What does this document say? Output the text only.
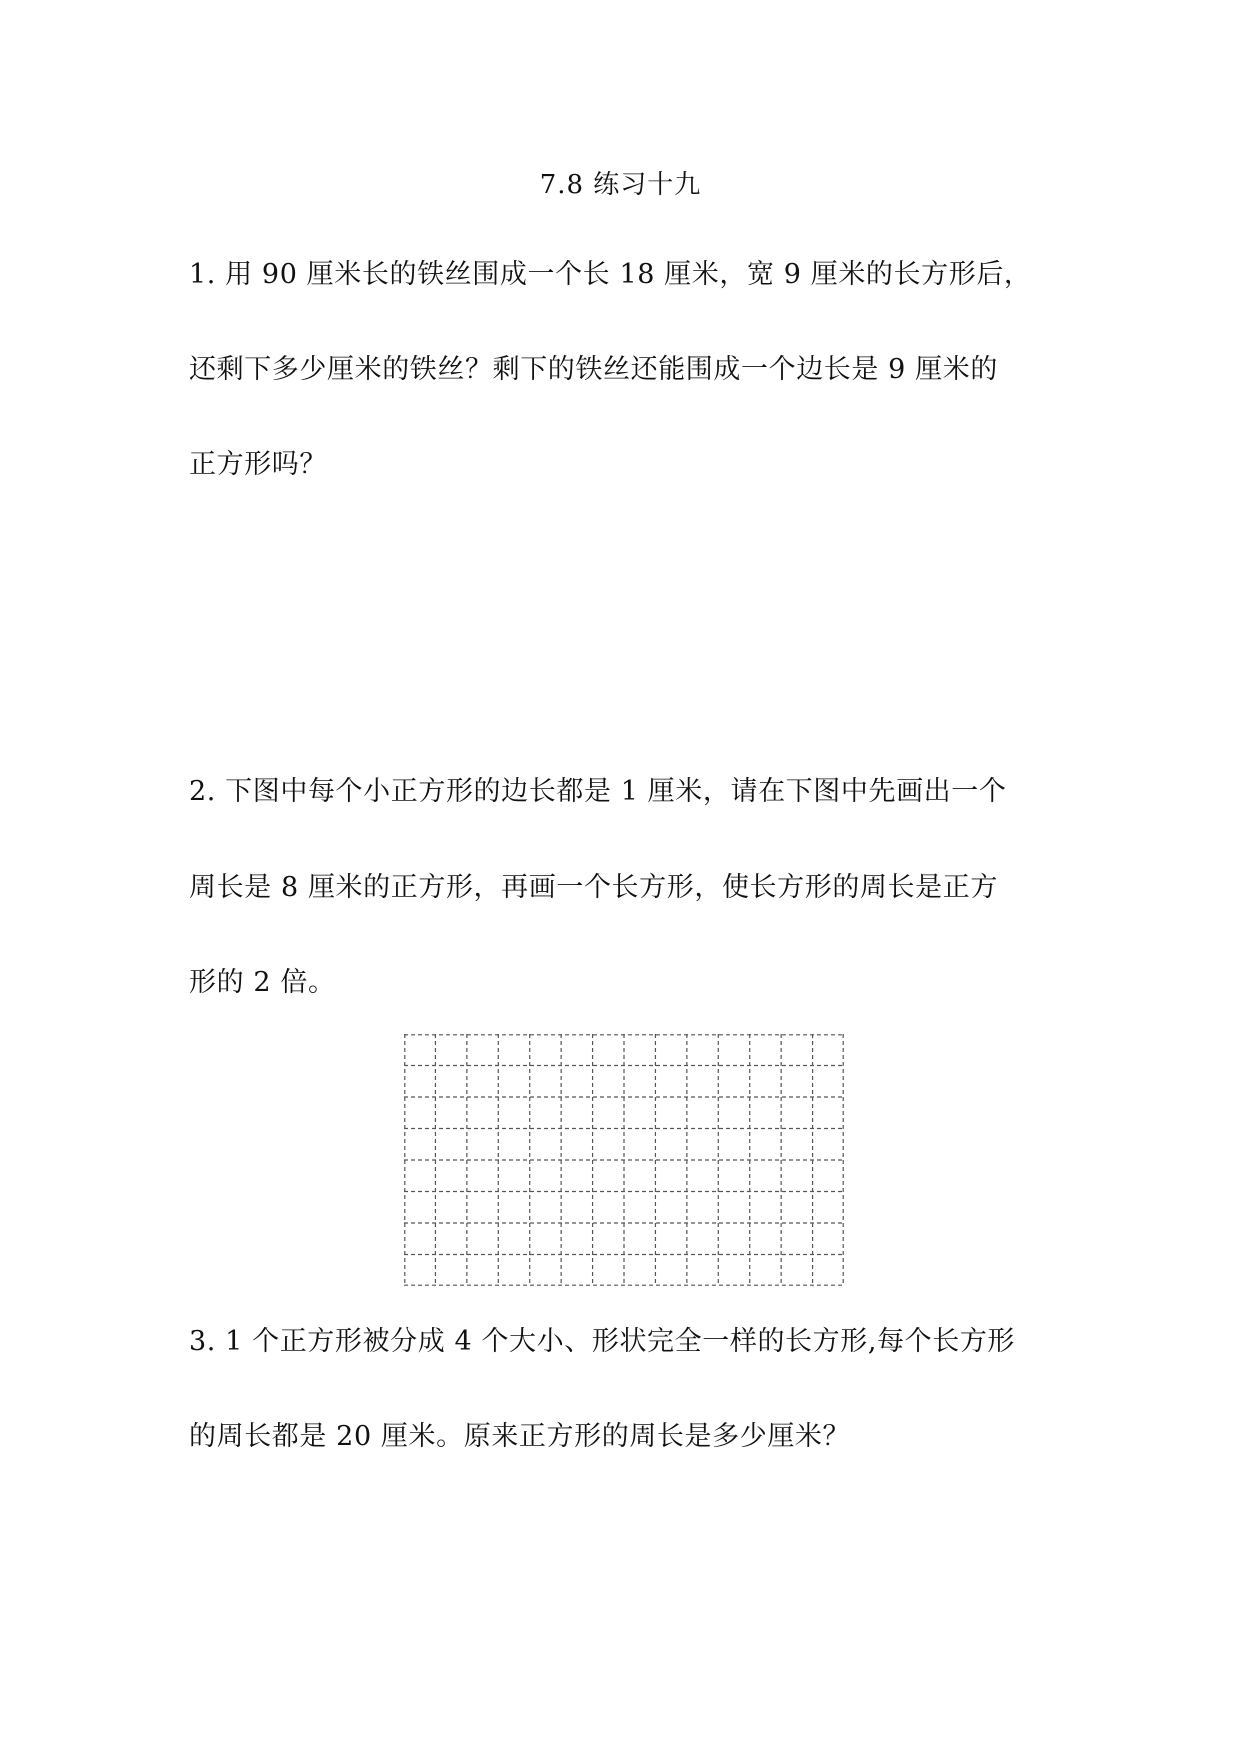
7.8 练习十九
1. 用 90 厘米长的铁丝围成一个长 18 厘米，宽 9 厘米的长方形后，
还剩下多少厘米的铁丝？剩下的铁丝还能围成一个边长是 9 厘米的
正方形吗？
2. 下图中每个小正方形的边长都是 1 厘米，请在下图中先画出一个
周长是 8 厘米的正方形，再画一个长方形，使长方形的周长是正方
形的 2 倍。
3. 1 个正方形被分成 4 个大小、形状完全一样的长方形,每个长方形
的周长都是 20 厘米。原来正方形的周长是多少厘米？
